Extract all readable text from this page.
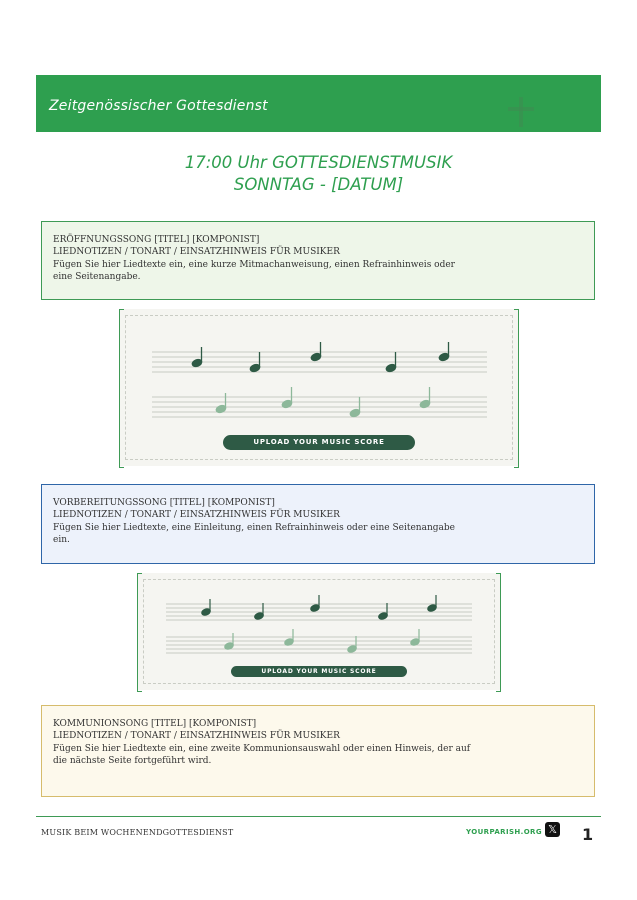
Zeitgenössischer Gottesdienst
17:00 Uhr GOTTESDIENSTMUSIK
SONNTAG - [DATUM]
ERÖFFNUNGSSONG [TITEL] [KOMPONIST]
LIEDNOTIZEN / TONART / EINSATZHINWEIS FÜR MUSIKER
Fügen Sie hier Liedtexte ein, eine kurze Mitmachanweisung, einen Refrainhinweis oder eine Seitenangabe.
UPLOAD YOUR MUSIC SCORE
VORBEREITUNGSSONG [TITEL] [KOMPONIST]
LIEDNOTIZEN / TONART / EINSATZHINWEIS FÜR MUSIKER
Fügen Sie hier Liedtexte, eine Einleitung, einen Refrainhinweis oder eine Seitenangabe ein.
UPLOAD YOUR MUSIC SCORE
KOMMUNIONSONG [TITEL] [KOMPONIST]
LIEDNOTIZEN / TONART / EINSATZHINWEIS FÜR MUSIKER
Fügen Sie hier Liedtexte ein, eine zweite Kommunionsauswahl oder einen Hinweis, der auf die nächste Seite fortgeführt wird.
MUSIK BEIM WOCHENENDGOTTESDIENST	YOURPARISH.ORG 𝕏 1
